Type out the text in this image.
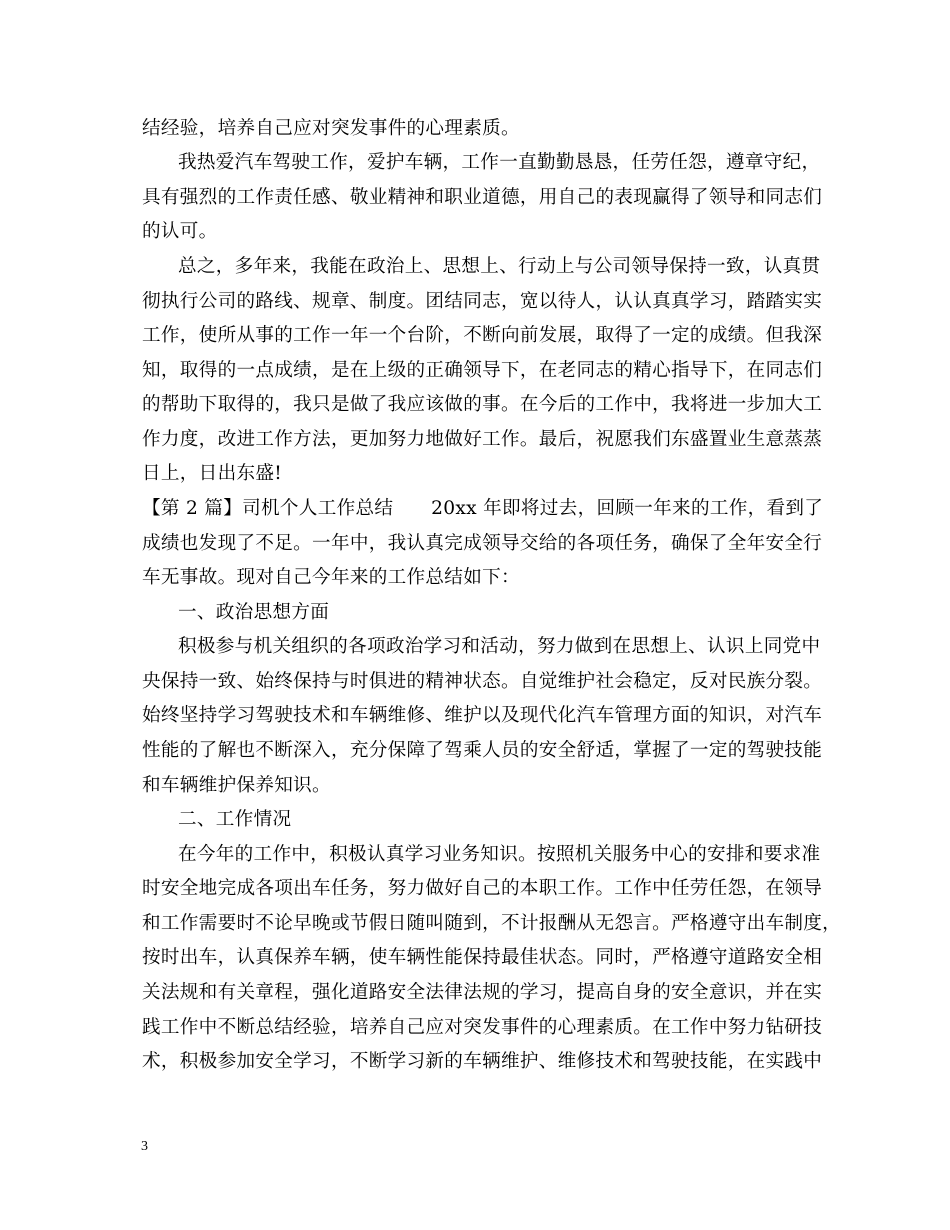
结经验，培养自己应对突发事件的心理素质。
我热爱汽车驾驶工作，爱护车辆，工作一直勤勤恳恳，任劳任怨，遵章守纪，
具有强烈的工作责任感、敬业精神和职业道德，用自己的表现赢得了领导和同志们
的认可。
总之，多年来，我能在政治上、思想上、行动上与公司领导保持一致，认真贯
彻执行公司的路线、规章、制度。团结同志，宽以待人，认认真真学习，踏踏实实
工作，使所从事的工作一年一个台阶，不断向前发展，取得了一定的成绩。但我深
知，取得的一点成绩，是在上级的正确领导下，在老同志的精心指导下，在同志们
的帮助下取得的，我只是做了我应该做的事。在今后的工作中，我将进一步加大工
作力度，改进工作方法，更加努力地做好工作。最后，祝愿我们东盛置业生意蒸蒸
日上，日出东盛!
【第 2 篇】司机个人工作总结　　20xx 年即将过去，回顾一年来的工作，看到了
成绩也发现了不足。一年中，我认真完成领导交给的各项任务，确保了全年安全行
车无事故。现对自己今年来的工作总结如下：
一、政治思想方面
积极参与机关组织的各项政治学习和活动，努力做到在思想上、认识上同党中
央保持一致、始终保持与时俱进的精神状态。自觉维护社会稳定，反对民族分裂。
始终坚持学习驾驶技术和车辆维修、维护以及现代化汽车管理方面的知识，对汽车
性能的了解也不断深入，充分保障了驾乘人员的安全舒适，掌握了一定的驾驶技能
和车辆维护保养知识。
二、工作情况
在今年的工作中，积极认真学习业务知识。按照机关服务中心的安排和要求准
时安全地完成各项出车任务，努力做好自己的本职工作。工作中任劳任怨，在领导
和工作需要时不论早晚或节假日随叫随到，不计报酬从无怨言。严格遵守出车制度，
按时出车，认真保养车辆，使车辆性能保持最佳状态。同时，严格遵守道路安全相
关法规和有关章程，强化道路安全法律法规的学习，提高自身的安全意识，并在实
践工作中不断总结经验，培养自己应对突发事件的心理素质。在工作中努力钻研技
术，积极参加安全学习，不断学习新的车辆维护、维修技术和驾驶技能，在实践中
3
